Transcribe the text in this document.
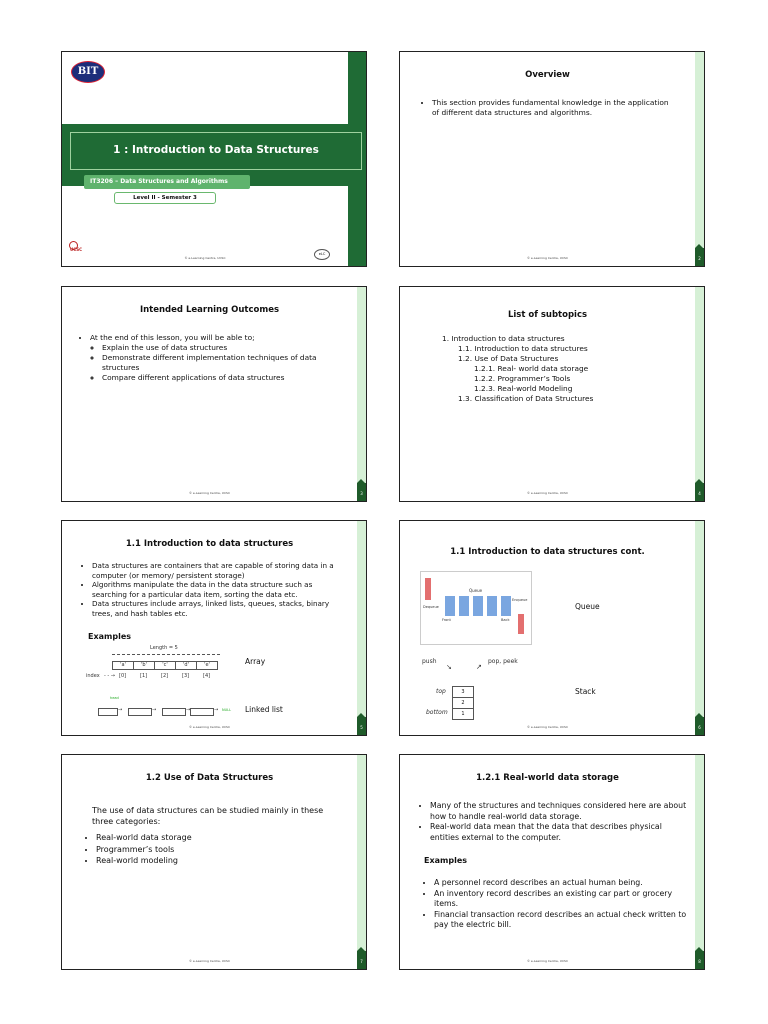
BIT
1 : Introduction to Data Structures
IT3206 – Data Structures and Algorithms
Level II - Semester 3
UCSC
© e-Learning Centre, UCSC
eLC
Overview
• This section provides fundamental knowledge in the application of different data structures and algorithms.
© e-Learning Centre, UCSC	2
Intended Learning Outcomes
• At the end of this lesson, you will be able to;
◦ Explain the use of data structures
◦ Demonstrate different implementation techniques of data structures
◦ Compare different applications of data structures
© e-Learning Centre, UCSC	3
List of subtopics
1. Introduction to data structures
1.1. Introduction to data structures
1.2. Use of Data Structures
1.2.1. Real- world data storage
1.2.2. Programmer’s Tools
1.2.3. Real-world Modeling
1.3. Classification of Data Structures
© e-Learning Centre, UCSC	4
1.1 Introduction to data structures
• Data structures are containers that are capable of storing data in a computer (or memory/ persistent storage)
• Algorithms manipulate the data in the data structure such as searching for a particular data item, sorting the data etc.
• Data structures include arrays, linked lists, queues, stacks, binary trees, and hash tables etc.
Examples
Length = 5
'a'	'b'	'c'	'd'	'e'
index - - → [0]	[1]	[2]	[3]	[4]
Array
head
→	→	→	→ NULL Linked list
© e-Learning Centre, UCSC	5
1.1 Introduction to data structures cont.
Dequeue
Queue
Front	Back
Enqueue
Queue
push	pop, peek
↘	↗
top
bottom
3
2
1
Stack
© e-Learning Centre, UCSC	6
1.2 Use of Data Structures
The use of data structures can be studied mainly in these three categories:
• Real-world data storage
• Programmer’s tools
• Real-world modeling
© e-Learning Centre, UCSC	7
1.2.1 Real-world data storage
• Many of the structures and techniques considered here are about how to handle real-world data storage.
• Real-world data mean that the data that describes physical entities external to the computer.
Examples
• A personnel record describes an actual human being.
• An inventory record describes an existing car part or grocery items.
• Financial transaction record describes an actual check written to pay the electric bill.
© e-Learning Centre, UCSC	8
